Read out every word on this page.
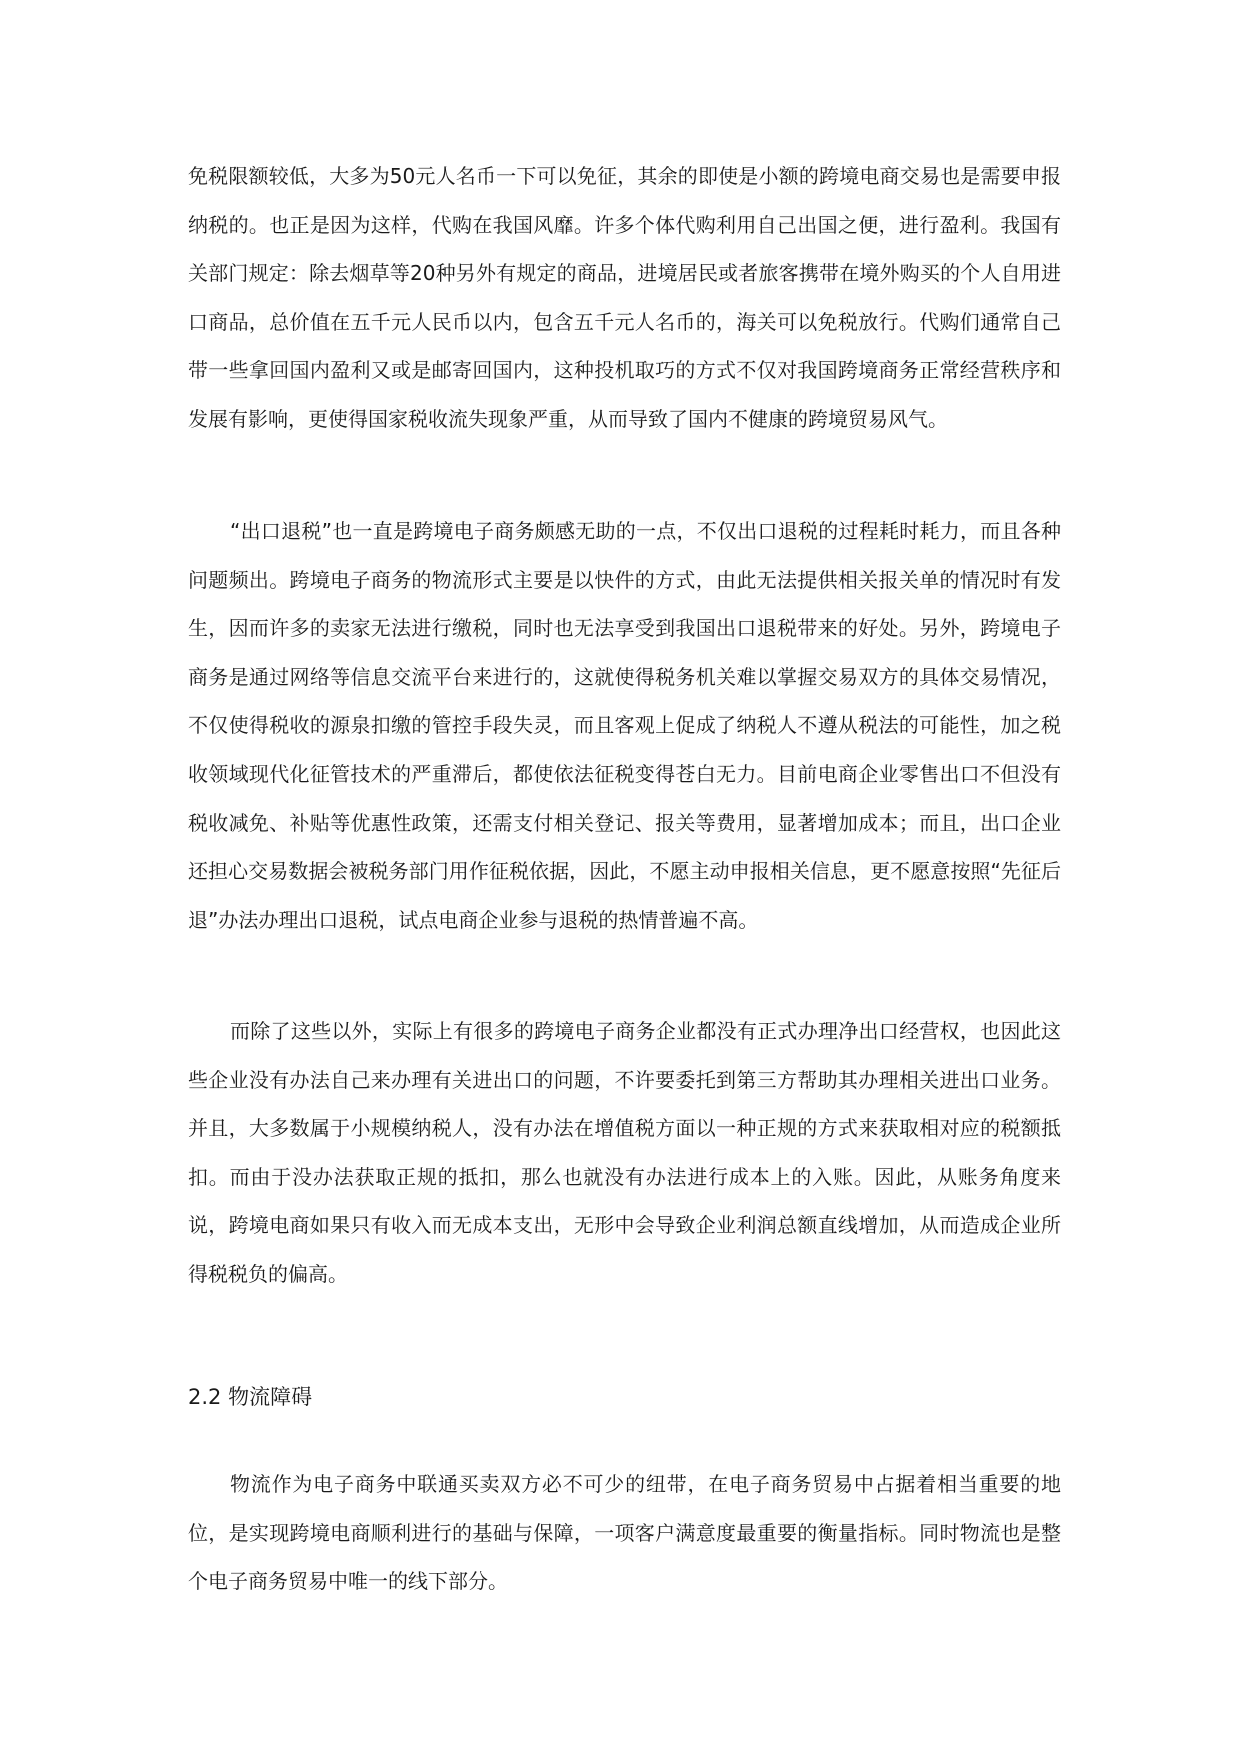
免税限额较低，大多为50元人名币一下可以免征，其余的即使是小额的跨境电商交易也是需要申报纳税的。也正是因为这样，代购在我国风靡。许多个体代购利用自己出国之便，进行盈利。我国有关部门规定：除去烟草等20种另外有规定的商品，进境居民或者旅客携带在境外购买的个人自用进口商品，总价值在五千元人民币以内，包含五千元人名币的，海关可以免税放行。代购们通常自己带一些拿回国内盈利又或是邮寄回国内，这种投机取巧的方式不仅对我国跨境商务正常经营秩序和发展有影响，更使得国家税收流失现象严重，从而导致了国内不健康的跨境贸易风气。

“出口退税”也一直是跨境电子商务颇感无助的一点，不仅出口退税的过程耗时耗力，而且各种问题频出。跨境电子商务的物流形式主要是以快件的方式，由此无法提供相关报关单的情况时有发生，因而许多的卖家无法进行缴税，同时也无法享受到我国出口退税带来的好处。另外，跨境电子商务是通过网络等信息交流平台来进行的，这就使得税务机关难以掌握交易双方的具体交易情况，不仅使得税收的源泉扣缴的管控手段失灵，而且客观上促成了纳税人不遵从税法的可能性，加之税收领域现代化征管技术的严重滞后，都使依法征税变得苍白无力。目前电商企业零售出口不但没有税收减免、补贴等优惠性政策，还需支付相关登记、报关等费用，显著增加成本；而且，出口企业还担心交易数据会被税务部门用作征税依据，因此，不愿主动申报相关信息，更不愿意按照“先征后退”办法办理出口退税，试点电商企业参与退税的热情普遍不高。

而除了这些以外，实际上有很多的跨境电子商务企业都没有正式办理净出口经营权，也因此这些企业没有办法自己来办理有关进出口的问题，不许要委托到第三方帮助其办理相关进出口业务。并且，大多数属于小规模纳税人，没有办法在增值税方面以一种正规的方式来获取相对应的税额抵扣。而由于没办法获取正规的抵扣，那么也就没有办法进行成本上的入账。因此，从账务角度来说，跨境电商如果只有收入而无成本支出，无形中会导致企业利润总额直线增加，从而造成企业所得税税负的偏高。

2.2 物流障碍

物流作为电子商务中联通买卖双方必不可少的纽带，在电子商务贸易中占据着相当重要的地位，是实现跨境电商顺利进行的基础与保障，一项客户满意度最重要的衡量指标。同时物流也是整个电子商务贸易中唯一的线下部分。
